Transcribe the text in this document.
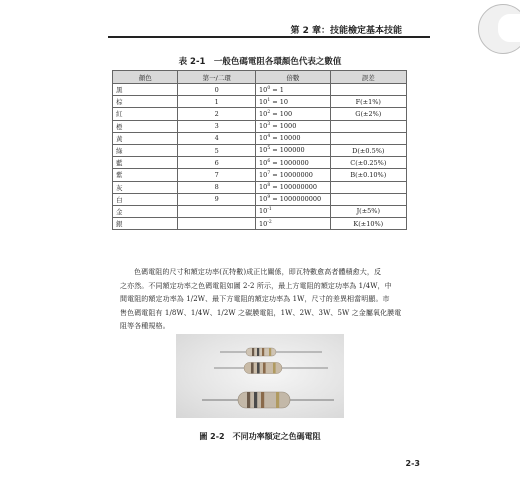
第 2 章：技能檢定基本技能
表 2-1　一般色碼電阻各環顏色代表之數值
顏色	第一/二環	倍數	誤差
黑	0	$10^0 = 1$	
棕	1	$10^1 = 10$	F(±1%)
紅	2	$10^2 = 100$	G(±2%)
橙	3	$10^3 = 1000$	
黃	4	$10^4 = 10000$	
綠	5	$10^5 = 100000$	D(±0.5%)
藍	6	$10^6 = 1000000$	C(±0.25%)
紫	7	$10^7 = 10000000$	B(±0.10%)
灰	8	$10^8 = 100000000$	
白	9	$10^9 = 1000000000$	
金		$10^{-1}$	J(±5%)
銀		$10^{-2}$	K(±10%)
色碼電阻的尺寸和額定功率(瓦特數)成正比關係，即瓦特數愈高者體積愈大，反
之亦然。不同額定功率之色碼電阻如圖 2-2 所示，最上方電阻的額定功率為 1/4W，中
間電阻的額定功率為 1/2W、最下方電阻的額定功率為 1W，尺寸的差異相當明顯。市
售色碼電阻有 1/8W、1/4W、1/2W 之碳膜電阻，1W、2W、3W、5W 之金屬氧化膜電
阻等各種規格。
圖 2-2　不同功率額定之色碼電阻
2-3
